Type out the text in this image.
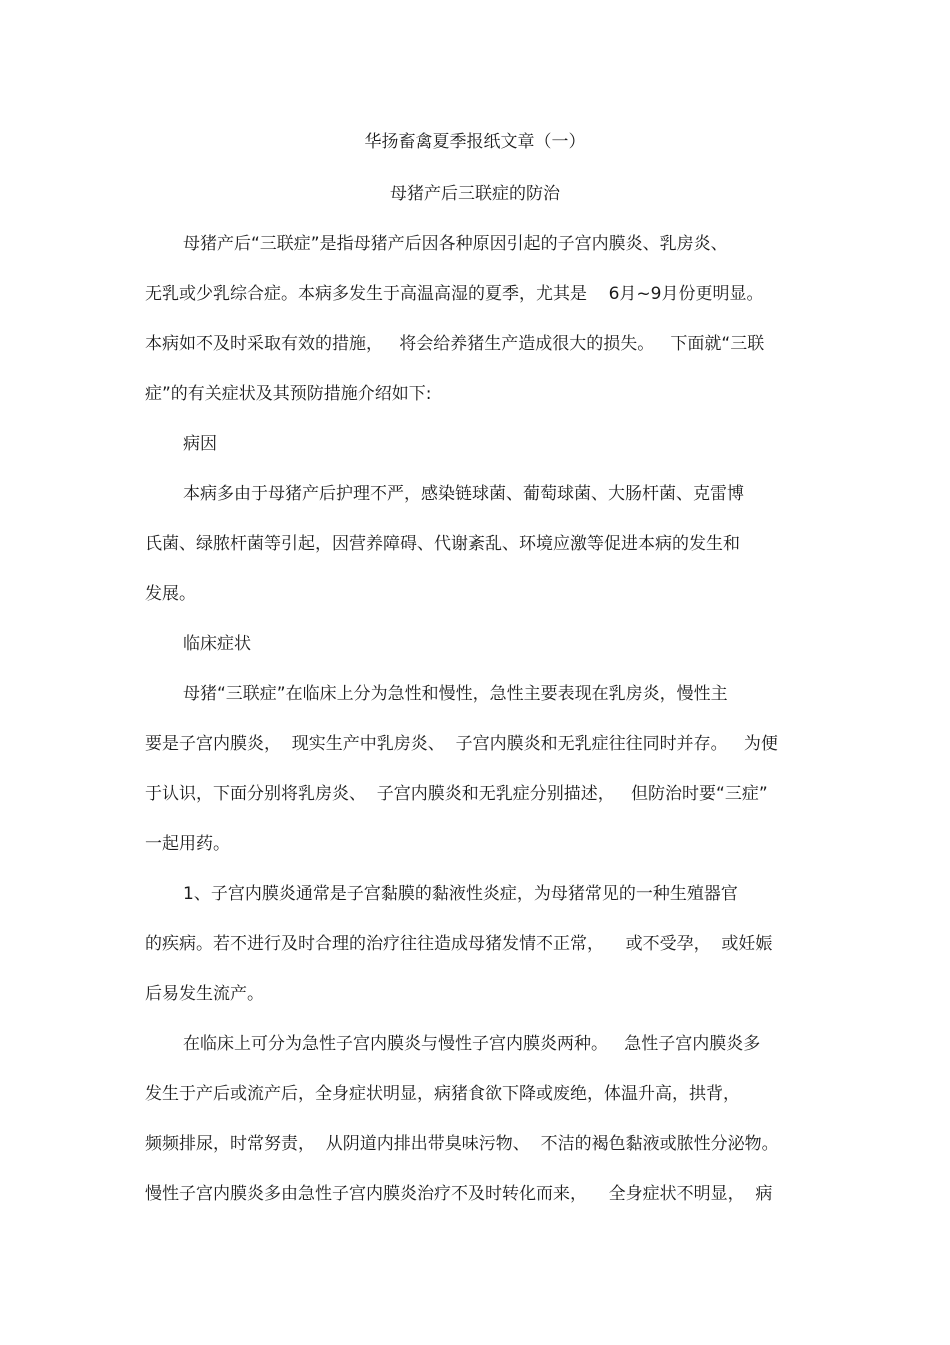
华扬畜禽夏季报纸文章（一）
母猪产后三联症的防治
母猪产后“三联症”是指母猪产后因各种原因引起的子宫内膜炎、乳房炎、
无乳或少乳综合症。本病多发生于高温高湿的夏季，尤其是    6月~9月份更明显。
本病如不及时采取有效的措施，   将会给养猪生产造成很大的损失。   下面就“三联
症”的有关症状及其预防措施介绍如下:
病因
本病多由于母猪产后护理不严，感染链球菌、葡萄球菌、大肠杆菌、克雷博
氏菌、绿脓杆菌等引起，因营养障碍、代谢紊乱、环境应激等促进本病的发生和
发展。
临床症状
母猪“三联症”在临床上分为急性和慢性，急性主要表现在乳房炎，慢性主
要是子宫内膜炎，  现实生产中乳房炎、  子宫内膜炎和无乳症往往同时并存。   为便
于认识，下面分别将乳房炎、  子宫内膜炎和无乳症分别描述，   但防治时要“三症”
一起用药。
1、子宫内膜炎通常是子宫黏膜的黏液性炎症，为母猪常见的一种生殖器官
的疾病。若不进行及时合理的治疗往往造成母猪发情不正常，    或不受孕，  或妊娠
后易发生流产。
在临床上可分为急性子宫内膜炎与慢性子宫内膜炎两种。   急性子宫内膜炎多
发生于产后或流产后，全身症状明显，病猪食欲下降或废绝，体温升高，拱背，
频频排尿，时常努责，  从阴道内排出带臭味污物、  不洁的褐色黏液或脓性分泌物。
慢性子宫内膜炎多由急性子宫内膜炎治疗不及时转化而来，    全身症状不明显，  病
